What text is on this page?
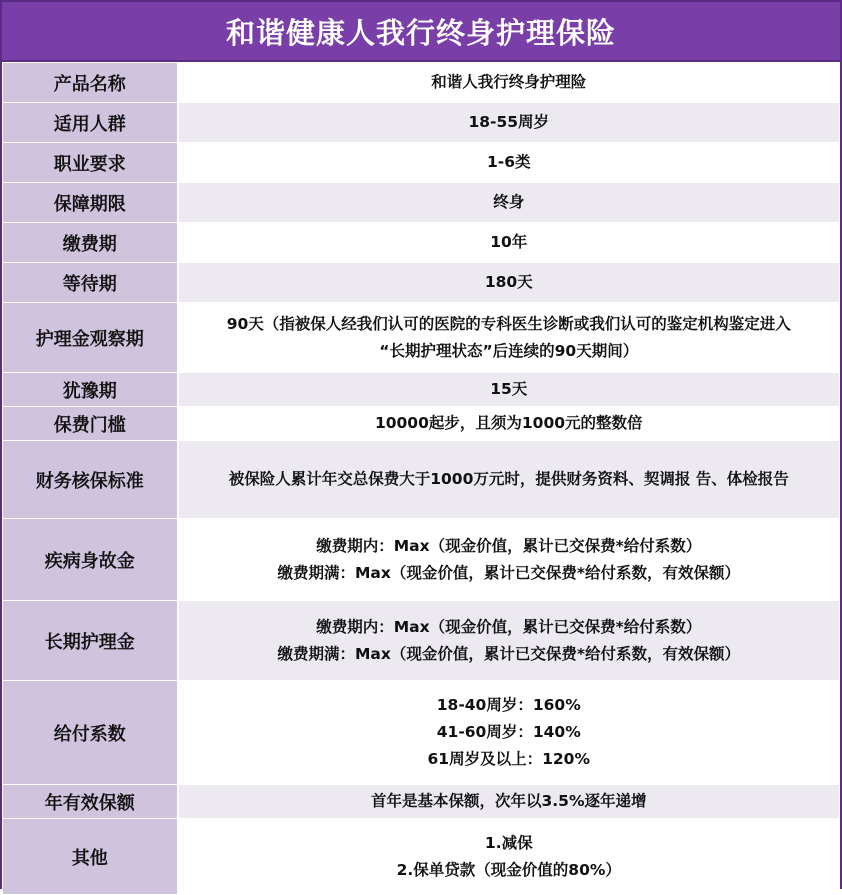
和谐健康人我行终身护理保险
产品名称	和谐人我行终身护理险

适用人群	18-55周岁

职业要求	1-6类

保障期限	终身

缴费期	10年

等待期	180天

护理金观察期	90天（指被保人经我们认可的医院的专科医生诊断或我们认可的鉴定机构鉴定进入
“长期护理状态”后连续的90天期间）

犹豫期	15天

保费门槛	10000起步，且须为1000元的整数倍

财务核保标准	被保险人累计年交总保费大于1000万元时，提供财务资料、契调报 告、体检报告

疾病身故金	缴费期内：Max（现金价值，累计已交保费*给付系数）
缴费期满：Max（现金价值，累计已交保费*给付系数，有效保额）

长期护理金	缴费期内：Max（现金价值，累计已交保费*给付系数）
缴费期满：Max（现金价值，累计已交保费*给付系数，有效保额）

给付系数	18-40周岁：160%
41-60周岁：140%
61周岁及以上：120%

年有效保额	首年是基本保额，次年以3.5%逐年递增

其他	1.减保
2.保单贷款（现金价值的80%）
